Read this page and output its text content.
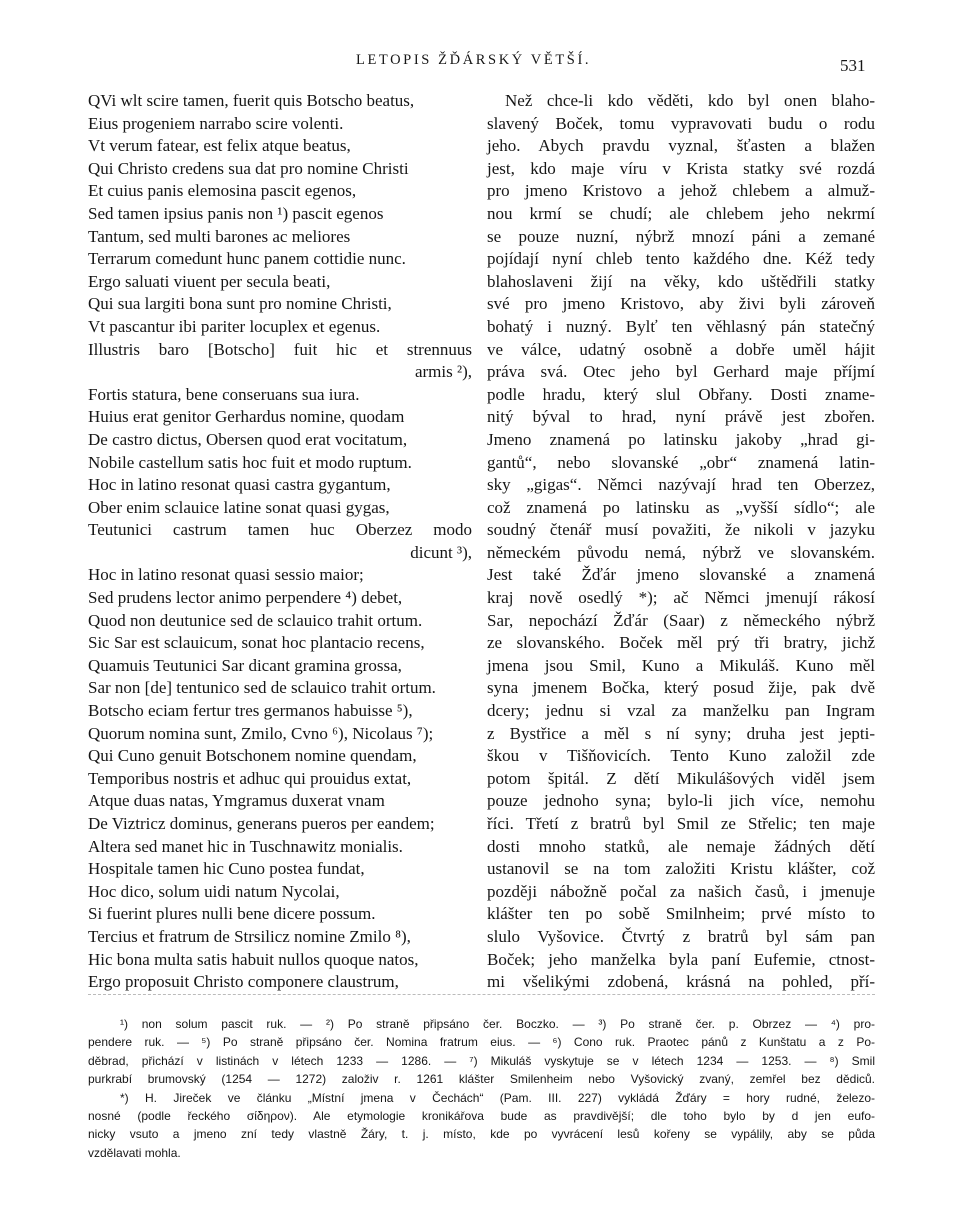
LETOPIS ŽĎÁRSKÝ VĚTŠÍ.	531
QVi wlt scire tamen, fuerit quis Botscho beatus,
Eius progeniem narrabo scire volenti.
Vt verum fatear, est felix atque beatus,
Qui Christo credens sua dat pro nomine Christi
Et cuius panis elemosina pascit egenos,
Sed tamen ipsius panis non ¹) pascit egenos
Tantum, sed multi barones ac meliores
Terrarum comedunt hunc panem cottidie nunc.
Ergo saluati viuent per secula beati,
Qui sua largiti bona sunt pro nomine Christi,
Vt pascantur ibi pariter locuplex et egenus.
Illustris baro [Botscho] fuit hic et strennuus
armis ²),
Fortis statura, bene conseruans sua iura.
Huius erat genitor Gerhardus nomine, quodam
De castro dictus, Obersen quod erat vocitatum,
Nobile castellum satis hoc fuit et modo ruptum.
Hoc in latino resonat quasi castra gygantum,
Ober enim sclauice latine sonat quasi gygas,
Teutunici castrum tamen huc Oberzez modo
dicunt ³),
Hoc in latino resonat quasi sessio maior;
Sed prudens lector animo perpendere ⁴) debet,
Quod non deutunice sed de sclauico trahit ortum.
Sic Sar est sclauicum, sonat hoc plantacio recens,
Quamuis Teutunici Sar dicant gramina grossa,
Sar non [de] tentunico sed de sclauico trahit ortum.
Botscho eciam fertur tres germanos habuisse ⁵),
Quorum nomina sunt, Zmilo, Cvno ⁶), Nicolaus ⁷);
Qui Cuno genuit Botschonem nomine quendam,
Temporibus nostris et adhuc qui prouidus extat,
Atque duas natas, Ymgramus duxerat vnam
De Viztricz dominus, generans pueros per eandem;
Altera sed manet hic in Tuschnawitz monialis.
Hospitale tamen hic Cuno postea fundat,
Hoc dico, solum uidi natum Nycolai,
Si fuerint plures nulli bene dicere possum.
Tercius et fratrum de Strsilicz nomine Zmilo ⁸),
Hic bona multa satis habuit nullos quoque natos,
Ergo proposuit Christo componere claustrum,
Než chce-li kdo věděti, kdo byl onen blaho-
slavený Boček, tomu vypravovati budu o rodu
jeho. Abych pravdu vyznal, šťasten a blažen
jest, kdo maje víru v Krista statky své rozdá
pro jmeno Kristovo a jehož chlebem a almuž-
nou krmí se chudí; ale chlebem jeho nekrmí
se pouze nuzní, nýbrž mnozí páni a zemané
pojídají nyní chleb tento každého dne. Kéž tedy
blahoslaveni žijí na věky, kdo uštědřili statky
své pro jmeno Kristovo, aby živi byli zároveň
bohatý i nuzný. Bylť ten věhlasný pán statečný
ve válce, udatný osobně a dobře uměl hájit
práva svá. Otec jeho byl Gerhard maje příjmí
podle hradu, který slul Obřany. Dosti zname-
nitý býval to hrad, nyní právě jest zbořen.
Jmeno znamená po latinsku jakoby „hrad gi-
gantů“, nebo slovanské „obr“ znamená latin-
sky „gigas“. Němci nazývají hrad ten Oberzez,
což znamená po latinsku as „vyšší sídlo“; ale
soudný čtenář musí považiti, že nikoli v jazyku
německém původu nemá, nýbrž ve slovanském.
Jest také Žďár jmeno slovanské a znamená
kraj nově osedlý *); ač Němci jmenují rákosí
Sar, nepochází Žďár (Saar) z německého nýbrž
ze slovanského. Boček měl prý tři bratry, jichž
jmena jsou Smil, Kuno a Mikuláš. Kuno měl
syna jmenem Bočka, který posud žije, pak dvě
dcery; jednu si vzal za manželku pan Ingram
z Bystřice a měl s ní syny; druha jest jepti-
škou v Tišňovicích. Tento Kuno založil zde
potom špitál. Z dětí Mikulášových viděl jsem
pouze jednoho syna; bylo-li jich více, nemohu
říci. Třetí z bratrů byl Smil ze Střelic; ten maje
dosti mnoho statků, ale nemaje žádných dětí
ustanovil se na tom založiti Kristu klášter, což
později nábožně počal za našich časů, i jmenuje
klášter ten po sobě Smilnheim; prvé místo to
slulo Vyšovice. Čtvrtý z bratrů byl sám pan
Boček; jeho manželka byla paní Eufemie, ctnost-
mi všelikými zdobená, krásná na pohled, pří-
¹) non solum pascit ruk. — ²) Po straně připsáno čer. Boczko. — ³) Po straně čer. p. Obrzez — ⁴) pro-
pendere ruk. — ⁵) Po straně připsáno čer. Nomina fratrum eius. — ⁶) Cono ruk. Praotec pánů z Kunštatu a z Po-
děbrad, přichází v listinách v létech 1233 — 1286. — ⁷) Mikuláš vyskytuje se v létech 1234 — 1253. — ⁸) Smil
purkrabí brumovský (1254 — 1272) založiv r. 1261 klášter Smilenheim nebo Vyšovický zvaný, zemřel bez dědiců.
*) H. Jireček ve článku „Místní jmena v Čechách“ (Pam. III. 227) vykládá Žďáry = hory rudné, železo-
nosné (podle řeckého σίδηρον). Ale etymologie kronikářova bude as pravdivější; dle toho bylo by d jen eufo-
nicky vsuto a jmeno zní tedy vlastně Žáry, t. j. místo, kde po vyvrácení lesů kořeny se vypálily, aby se půda
vzdělavati mohla.
